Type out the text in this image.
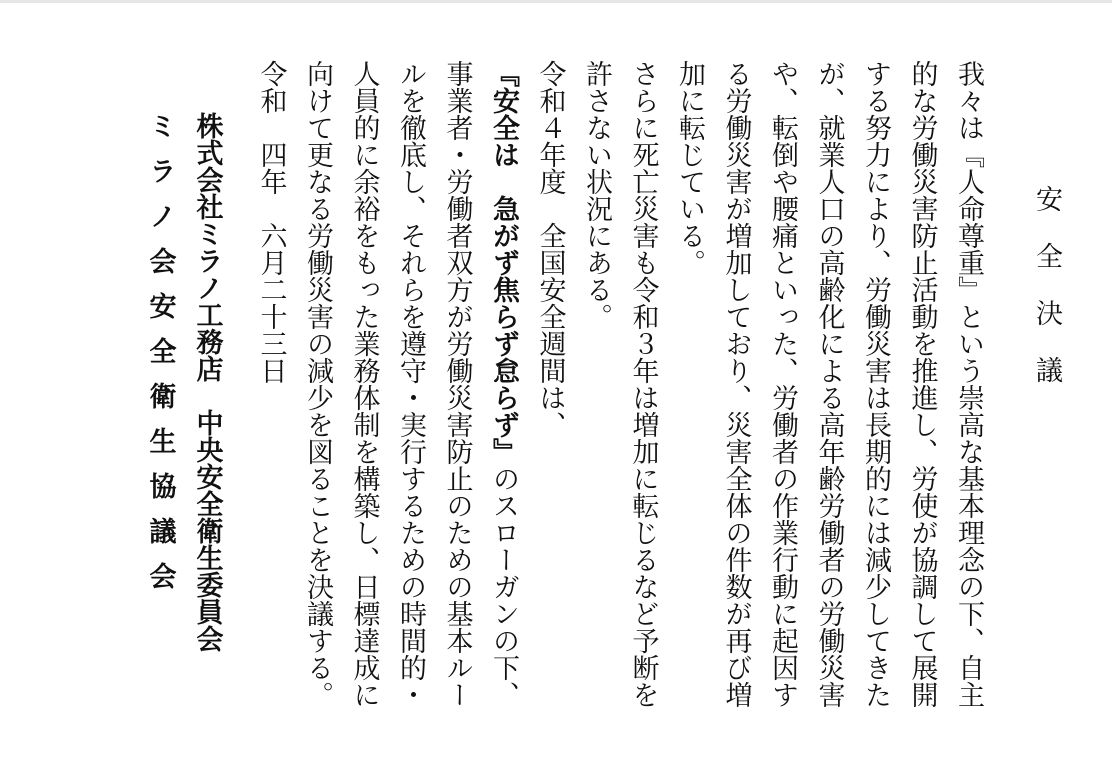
安全決議

我々は『人命尊重』という崇高な基本理念の下、自主

的な労働災害防止活動を推進し、労使が協調して展開

する努力により、労働災害は長期的には減少してきた

が、就業人口の高齢化による高年齢労働者の労働災害

や、転倒や腰痛といった、労働者の作業行動に起因す

る労働災害が増加しており、災害全体の件数が再び増

加に転じている。

さらに死亡災害も令和３年は増加に転じるなど予断を

許さない状況にある。

令和４年度　全国安全週間は、

『安全は　急がず焦らず怠らず』のスローガンの下、

事業者・労働者双方が労働災害防止のための基本ルー

ルを徹底し、それらを遵守・実行するための時間的・

人員的に余裕をもった業務体制を構築し、日標達成に

向けて更なる労働災害の減少を図ることを決議する。

令和　四年　六月二十三日

株式会社ミラノ工務店　中央安全衛生委員会

ミラノ会安全衛生協議会
